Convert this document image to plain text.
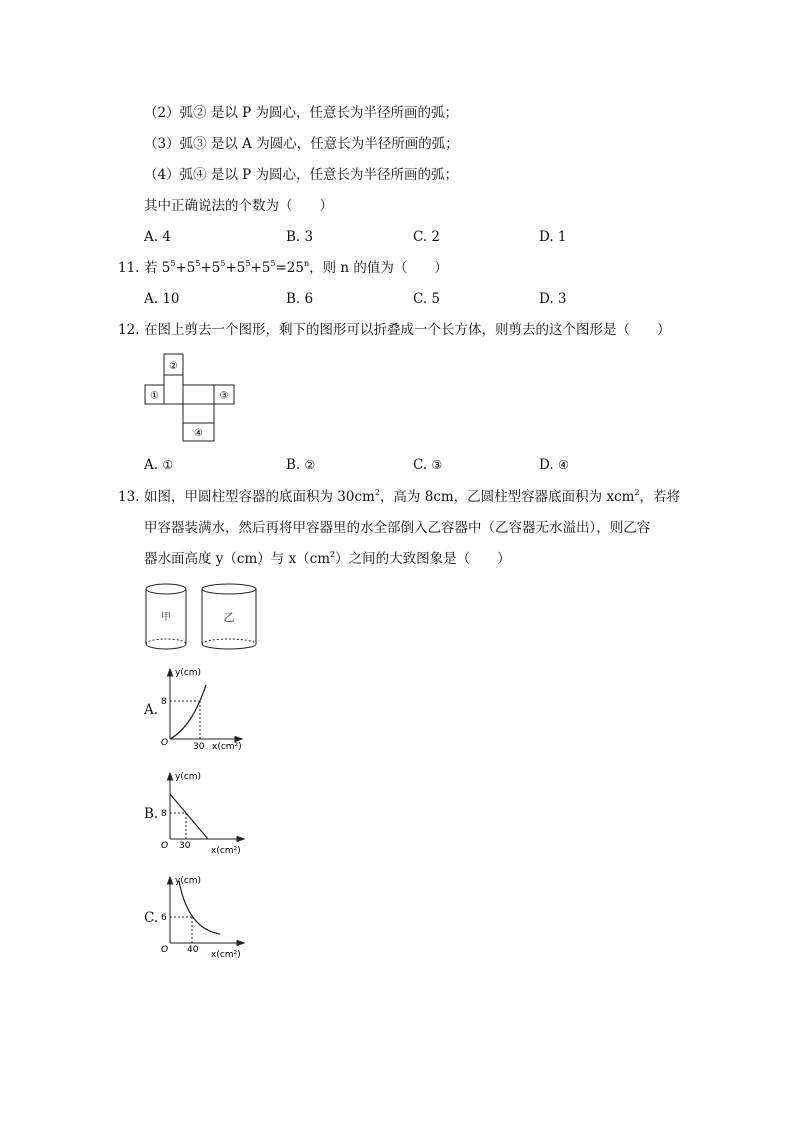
（2）弧② 是以 P 为圆心，任意长为半径所画的弧；
（3）弧③ 是以 A 为圆心，任意长为半径所画的弧；
（4）弧④ 是以 P 为圆心，任意长为半径所画的弧；
其中正确说法的个数为（　　）
A. 4	B. 3	C. 2	D. 1
11. 若 $5^5+5^5+5^5+5^5+5^5=25^n$，则 n 的值为（　　）
A. 10	B. 6	C. 5	D. 3
12. 在图上剪去一个图形，剩下的图形可以折叠成一个长方体，则剪去的这个图形是（　　）
②
①	③
④
A. ①	B. ②	C. ③	D. ④
13. 如图，甲圆柱型容器的底面积为 $30cm^2$，高为 8cm，乙圆柱型容器底面积为 xcm$^2$，若将
甲容器装满水，然后再将甲容器里的水全部倒入乙容器中（乙容器无水溢出），则乙容
器水面高度 y（cm）与 $x(cm^2)$之间的大致图象是（　　）
甲	乙
A.
y(cm)
8
O	30 x(cm²)
B.
y(cm)
8
O 30 x(cm²)
C.
y(cm)
6
O 40 x(cm²)
